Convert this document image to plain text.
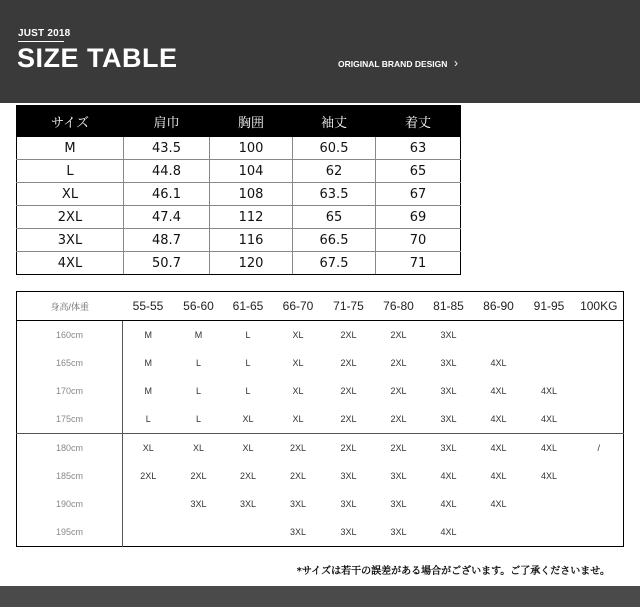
JUST 2018
SIZE TABLE	ORIGINAL BRAND DESIGN ›
サイズ	肩巾	胸囲	袖丈	着丈
M	43.5	100	60.5	63
L	44.8	104	62	65
XL	46.1	108	63.5	67
2XL	47.4	112	65	69
3XL	48.7	116	66.5	70
4XL	50.7	120	67.5	71
身高/体重	55-55	56-60	61-65	66-70	71-75	76-80	81-85	86-90	91-95	100KG
160cm	M	M	L	XL	2XL	2XL	3XL			
165cm	M	L	L	XL	2XL	2XL	3XL	4XL		
170cm	M	L	L	XL	2XL	2XL	3XL	4XL	4XL	
175cm	L	L	XL	XL	2XL	2XL	3XL	4XL	4XL	
180cm	XL	XL	XL	2XL	2XL	2XL	3XL	4XL	4XL	/
185cm	2XL	2XL	2XL	2XL	3XL	3XL	4XL	4XL	4XL	
190cm		3XL	3XL	3XL	3XL	3XL	4XL	4XL		
195cm				3XL	3XL	3XL	4XL			
*サイズは若干の誤差がある場合がございます。ご了承くださいませ。
